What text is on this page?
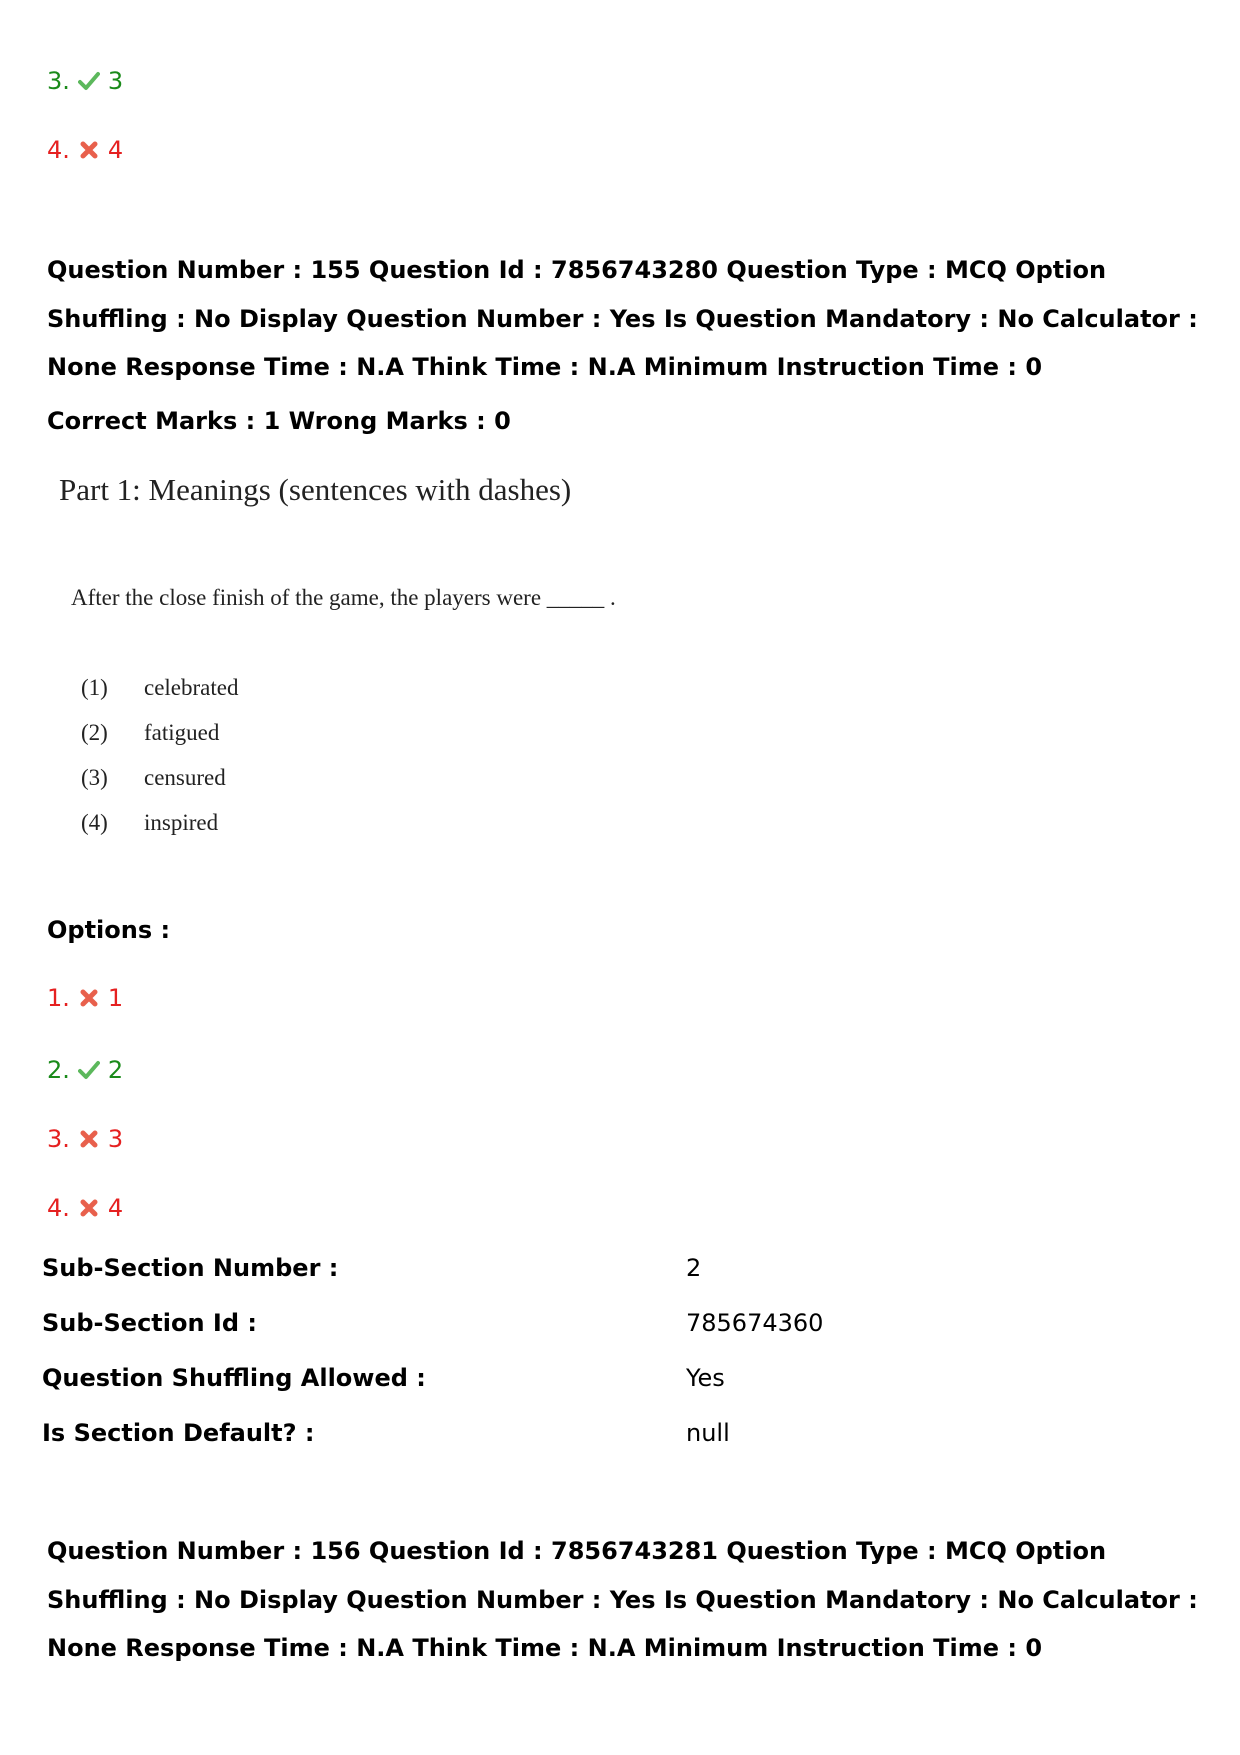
3. 3
4. 4
Question Number : 155 Question Id : 7856743280 Question Type : MCQ Option Shuffling : No Display Question Number : Yes Is Question Mandatory : No Calculator : None Response Time : N.A Think Time : N.A Minimum Instruction Time : 0
Correct Marks : 1 Wrong Marks : 0
Part 1: Meanings (sentences with dashes)
After the close finish of the game, the players were _____ .
(1) celebrated
(2) fatigued
(3) censured
(4) inspired
Options :
1. 1
2. 2
3. 3
4. 4
Sub-Section Number :	2
Sub-Section Id :	785674360
Question Shuffling Allowed :	Yes
Is Section Default? :	null
Question Number : 156 Question Id : 7856743281 Question Type : MCQ Option Shuffling : No Display Question Number : Yes Is Question Mandatory : No Calculator : None Response Time : N.A Think Time : N.A Minimum Instruction Time : 0
